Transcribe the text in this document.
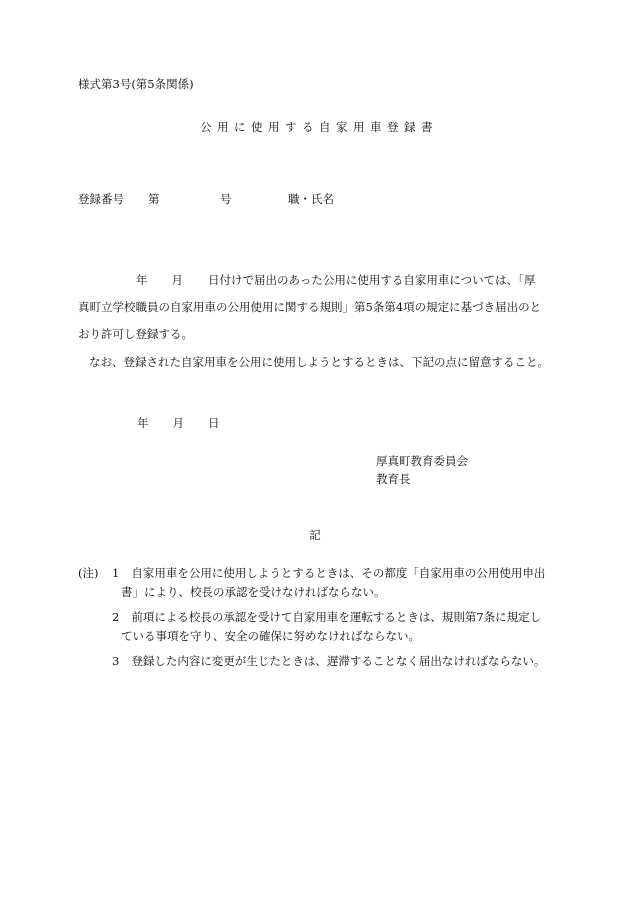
様式第3号(第5条関係)
公用に使用する自家用車登録書
登録番号 第	号	職・氏名
年 月 日付けで届出のあった公用に使用する自家用車については、「厚
真町立学校職員の自家用車の公用使用に関する規則」第5条第4項の規定に基づき届出のと
おり許可し登録する。
なお、登録された自家用車を公用に使用しようとするときは、下記の点に留意すること。
年 月 日
厚真町教育委員会
教育長
記
(注) 1 自家用車を公用に使用しようとするときは、その都度「自家用車の公用使用申出
書」により、校長の承認を受けなければならない。
2 前項による校長の承認を受けて自家用車を運転するときは、規則第7条に規定し
ている事項を守り、安全の確保に努めなければならない。
3 登録した内容に変更が生じたときは、遅滞することなく届出なければならない。
